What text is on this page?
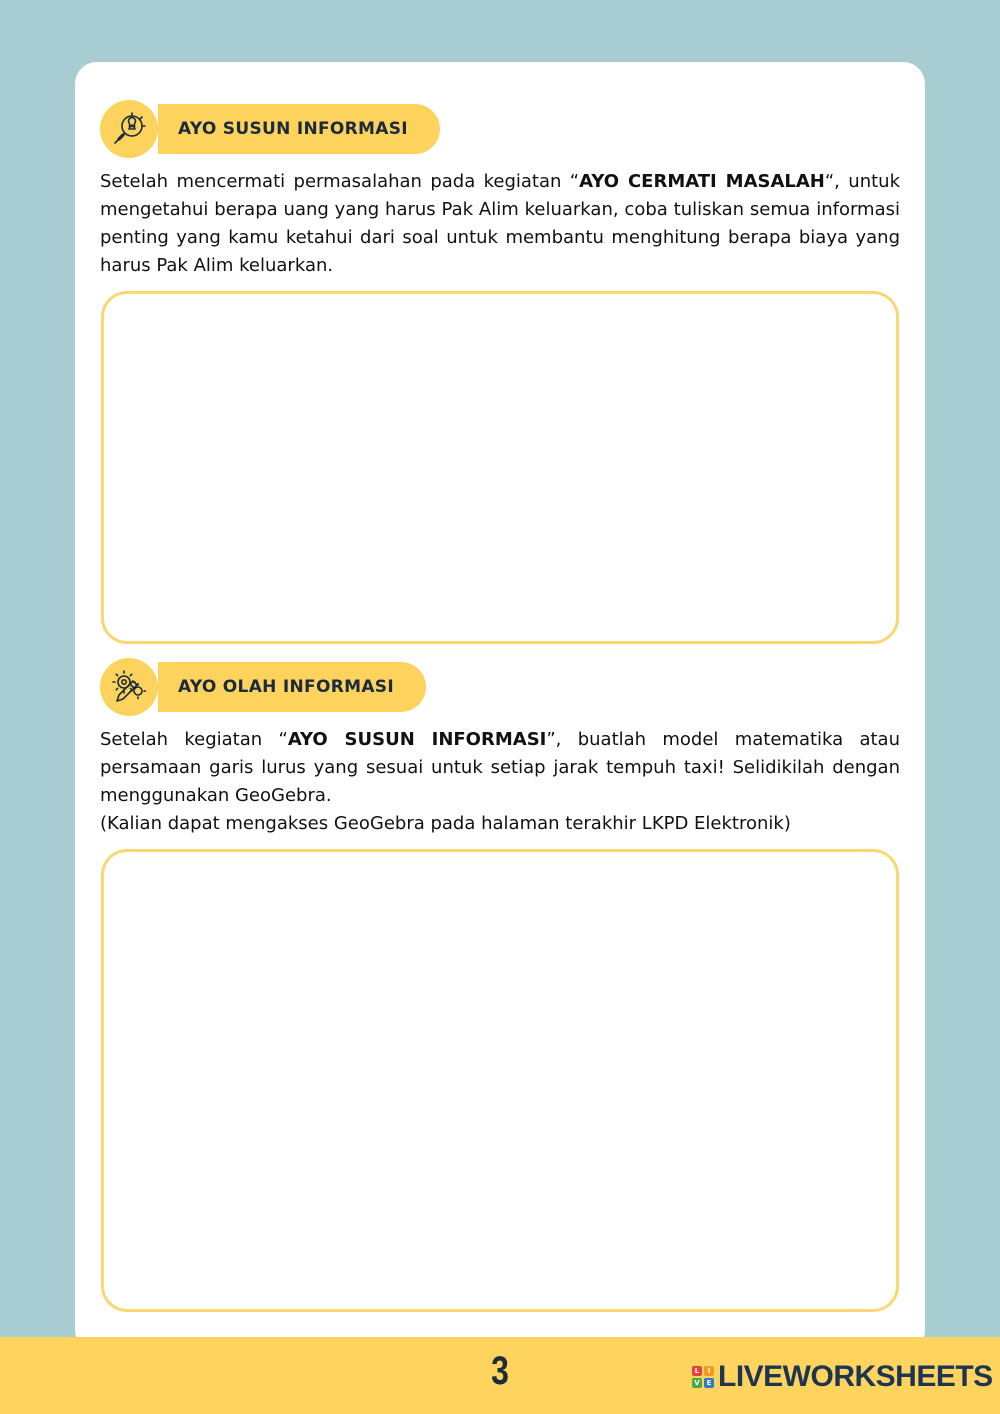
AYO SUSUN INFORMASI

Setelah mencermati permasalahan pada kegiatan “AYO CERMATI MASALAH“, untuk mengetahui berapa uang yang harus Pak Alim keluarkan, coba tuliskan semua informasi penting yang kamu ketahui dari soal untuk membantu menghitung berapa biaya yang harus Pak Alim keluarkan.

AYO OLAH INFORMASI

Setelah kegiatan “AYO SUSUN INFORMASI”, buatlah model matematika atau persamaan garis lurus yang sesuai untuk setiap jarak tempuh taxi! Selidikilah dengan menggunakan GeoGebra.

(Kalian dapat mengakses GeoGebra pada halaman terakhir LKPD Elektronik)

3	L	I
V E LIVEWORKSHEETS
